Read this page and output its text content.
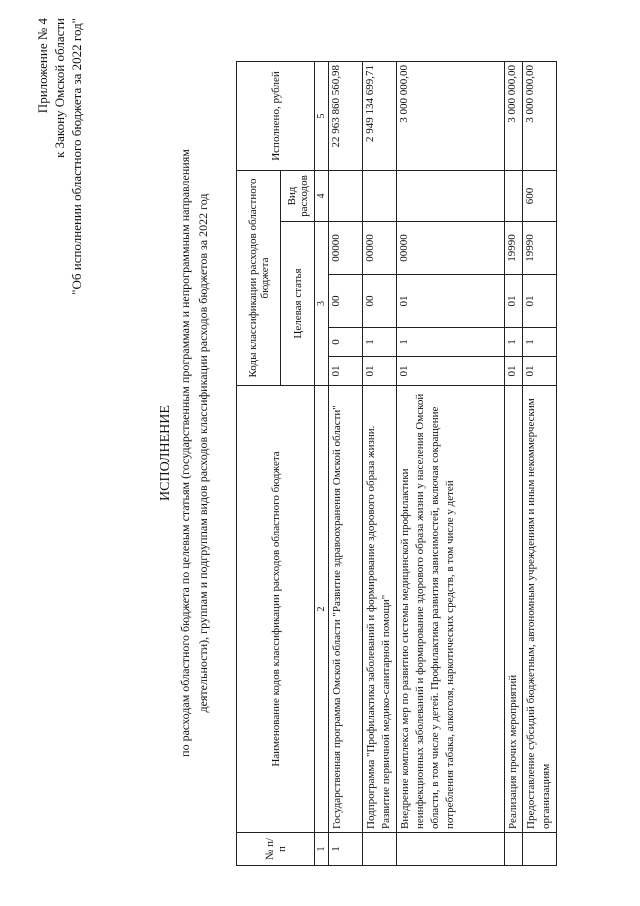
Приложение № 4 к Закону Омской области "Об исполнении областного бюджета за 2022 год"
ИСПОЛНЕНИЕ по расходам областного бюджета по целевым статьям (государственным программам и непрограммным направлениям деятельности), группам и подгруппам видов расходов классификации расходов бюджетов за 2022 год
№ п/п	Наименование кодов классификации расходов областного бюджета	Коды классификации расходов областного бюджета					Исполнено, рублей
		Целевая статья				Вид расходов	
1	2	3				4	5
1	Государственная программа Омской области "Развитие здравоохранения Омской области"	01	0	00	00000		22 963 860 560,98
	Подпрограмма "Профилактика заболеваний и формирование здорового образа жизни. Развитие первичной медико-санитарной помощи"	01	1	00	00000		2 949 134 699,71
	Внедрение комплекса мер по развитию системы медицинской профилактики неинфекционных заболеваний и формирование здорового образа жизни у населения Омской области, в том числе у детей. Профилактика развития зависимостей, включая сокращение потребления табака, алкоголя, наркотических средств, в том числе у детей	01	1	01	00000		3 000 000,00
	Реализация прочих мероприятий	01	1	01	19990		3 000 000,00
	Предоставление субсидий бюджетным, автономным учреждениям и иным некоммерческим организациям	01	1	01	19990	600	3 000 000,00
